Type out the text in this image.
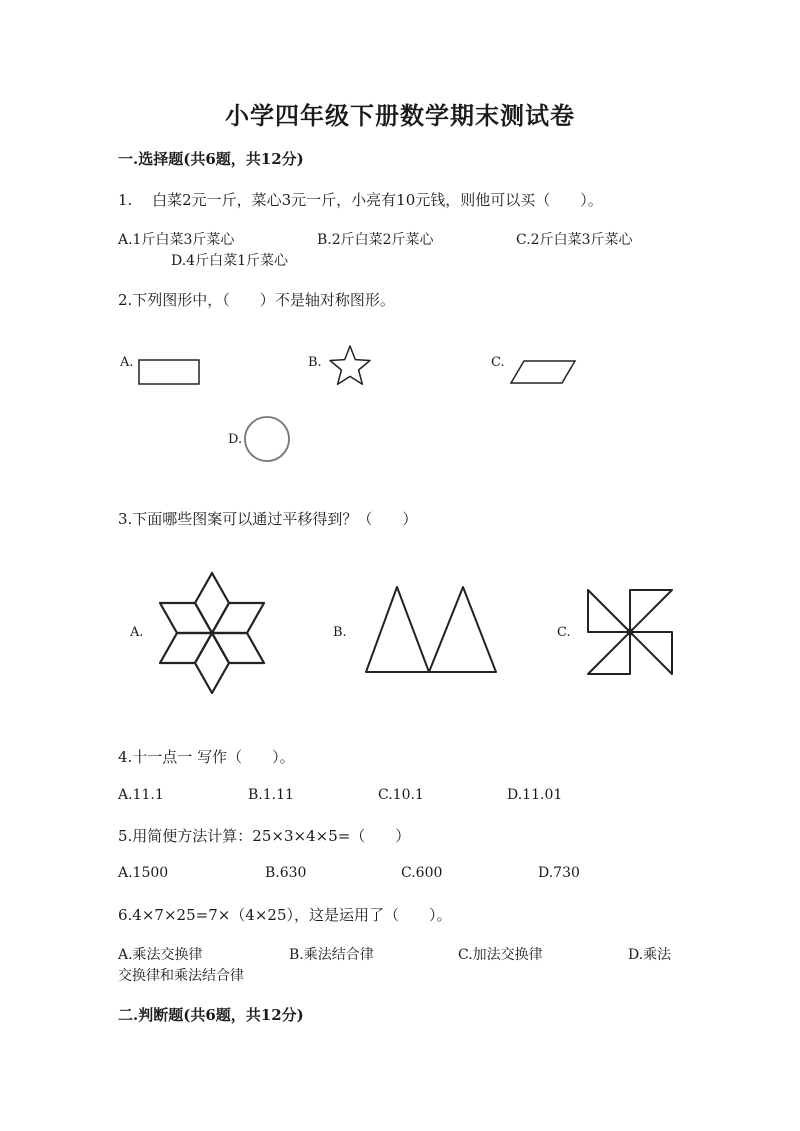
小学四年级下册数学期末测试卷
一.选择题(共6题，共12分)
1.　 白菜2元一斤，菜心3元一斤，小亮有10元钱，则他可以买（　　）。
A.1斤白菜3斤菜心	B.2斤白菜2斤菜心	C.2斤白菜3斤菜心
D.4斤白菜1斤菜心
2.下列图形中，（　　）不是轴对称图形。
A.	B.	C.
D.
3.下面哪些图案可以通过平移得到？（　　）
A.	B.	C.
4.十一点一 写作（　　）。
A.11.1	B.1.11	C.10.1	D.11.01
5.用简便方法计算：25×3×4×5=（　　）
A.1500	B.630	C.600	D.730
6.4×7×25=7×（4×25），这是运用了（　　）。
A.乘法交换律	B.乘法结合律	C.加法交换律	D.乘法
交换律和乘法结合律
二.判断题(共6题，共12分)
